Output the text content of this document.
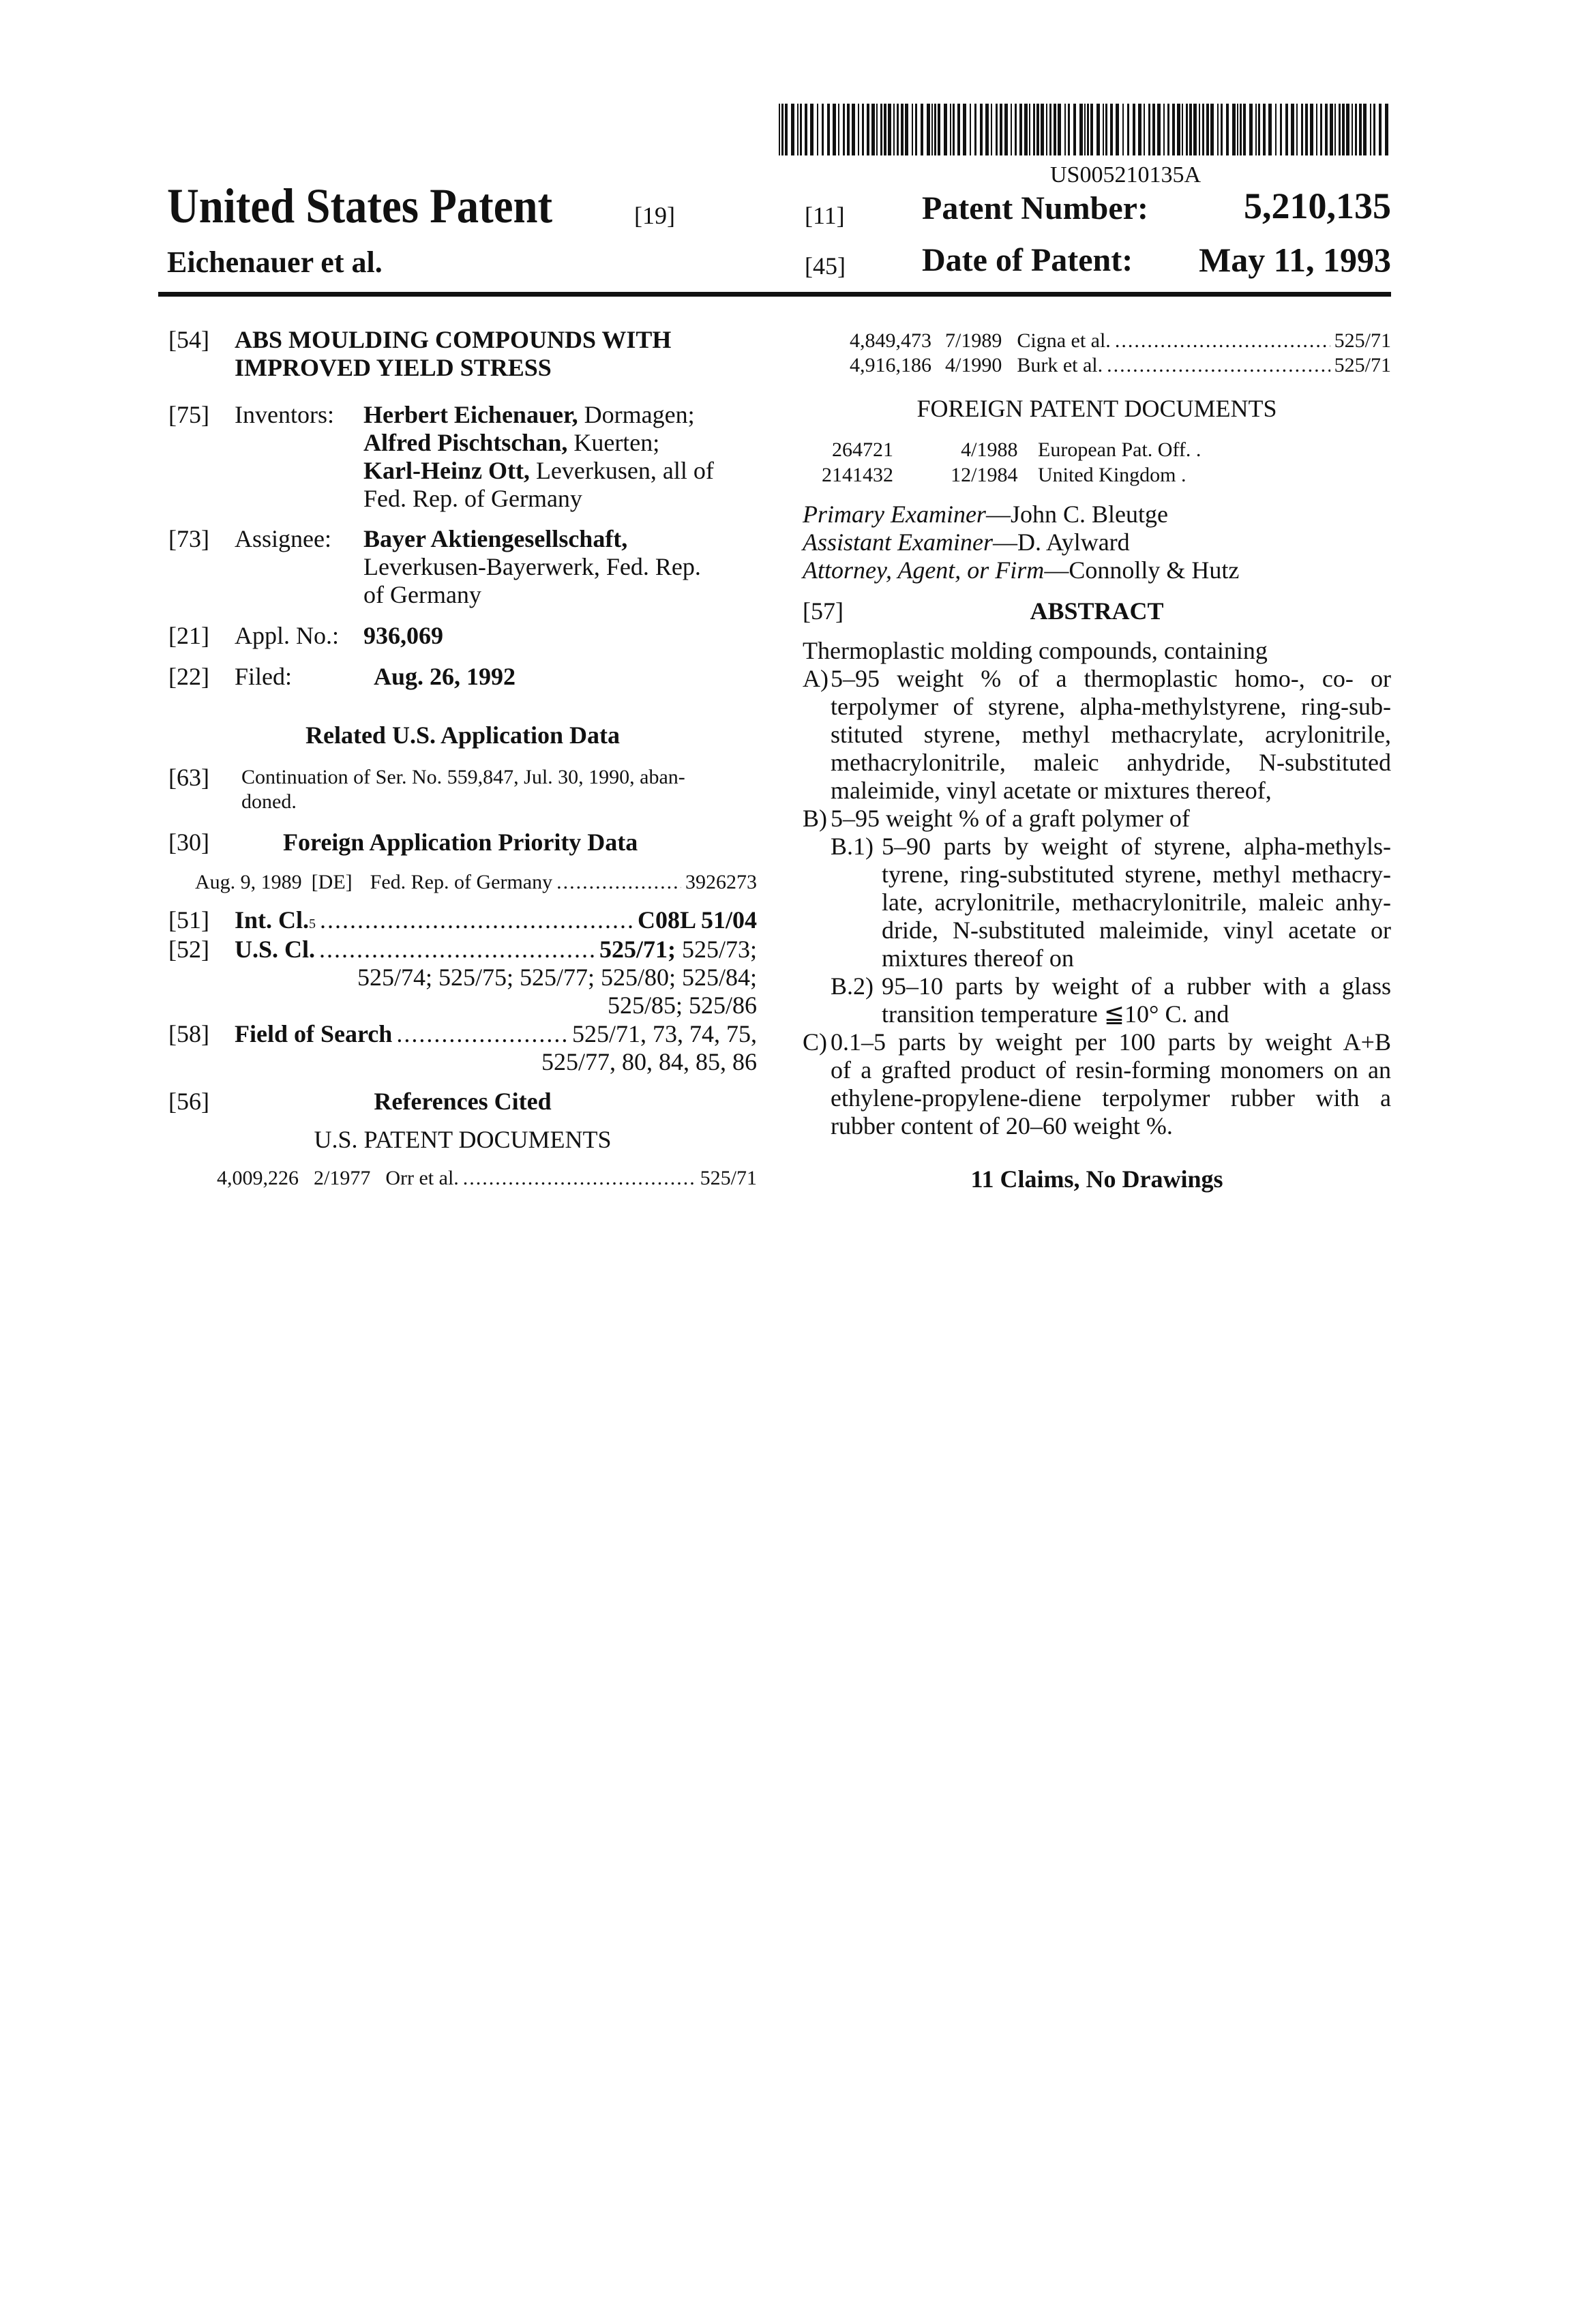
US005210135A
United States Patent	[19]
Eichenauer et al.
[11] Patent Number:	5,210,135
[45] Date of Patent: May 11, 1993
[54] ABS MOULDING COMPOUNDS WITH
IMPROVED YIELD STRESS
[75] Inventors: Herbert Eichenauer, Dormagen;
Alfred Pischtschan, Kuerten;
Karl-Heinz Ott, Leverkusen, all of
Fed. Rep. of Germany
[73] Assignee: Bayer Aktiengesellschaft,
Leverkusen-Bayerwerk, Fed. Rep.
of Germany
[21] Appl. No.: 936,069
[22] Filed:	Aug. 26, 1992
Related U.S. Application Data
[63] Continuation of Ser. No. 559,847, Jul. 30, 1990, aban-
doned.
[30]	Foreign Application Priority Data
Aug. 9, 1989 [DE] Fed. Rep. of Germany
.....	3926273
[51] Int. Cl. 5
.....	C08L 51/04
[52] U.S. Cl.
.....	525/71; 525/73;
525/74; 525/75; 525/77; 525/80; 525/84;
525/85; 525/86
[58] Field of Search
.....	525/71, 73, 74, 75,
525/77, 80, 84, 85, 86
[56]	References Cited
U.S. PATENT DOCUMENTS
4,009,226 2/1977 Orr et al.
.....	525/71
4,849,473 7/1989 Cigna et al.
.....	525/71
4,916,186 4/1990 Burk et al.
.....	525/71
FOREIGN PATENT DOCUMENTS
264721	4/1988 European Pat. Off. .
2141432	12/1984 United Kingdom .
Primary Examiner—John C. Bleutge
Assistant Examiner—D. Aylward
Attorney, Agent, or Firm—Connolly & Hutz
[57]	ABSTRACT
Thermoplastic molding compounds, containing
A) 5–95 weight % of a thermoplastic homo-, co- or
terpolymer of styrene, alpha-methylstyrene, ring-sub-
stituted styrene, methyl methacrylate, acrylonitrile,
methacrylonitrile, maleic anhydride, N-substituted
maleimide, vinyl acetate or mixtures thereof,
B) 5–95 weight % of a graft polymer of
B.1) 5–90 parts by weight of styrene, alpha-methyls-
tyrene, ring-substituted styrene, methyl methacry-
late, acrylonitrile, methacrylonitrile, maleic anhy-
dride, N-substituted maleimide, vinyl acetate or
mixtures thereof on
B.2) 95–10 parts by weight of a rubber with a glass
transition temperature ≦10° C. and
C) 0.1–5 parts by weight per 100 parts by weight A+B
of a grafted product of resin-forming monomers on an
ethylene-propylene-diene terpolymer rubber with a
rubber content of 20–60 weight %.
11 Claims, No Drawings
